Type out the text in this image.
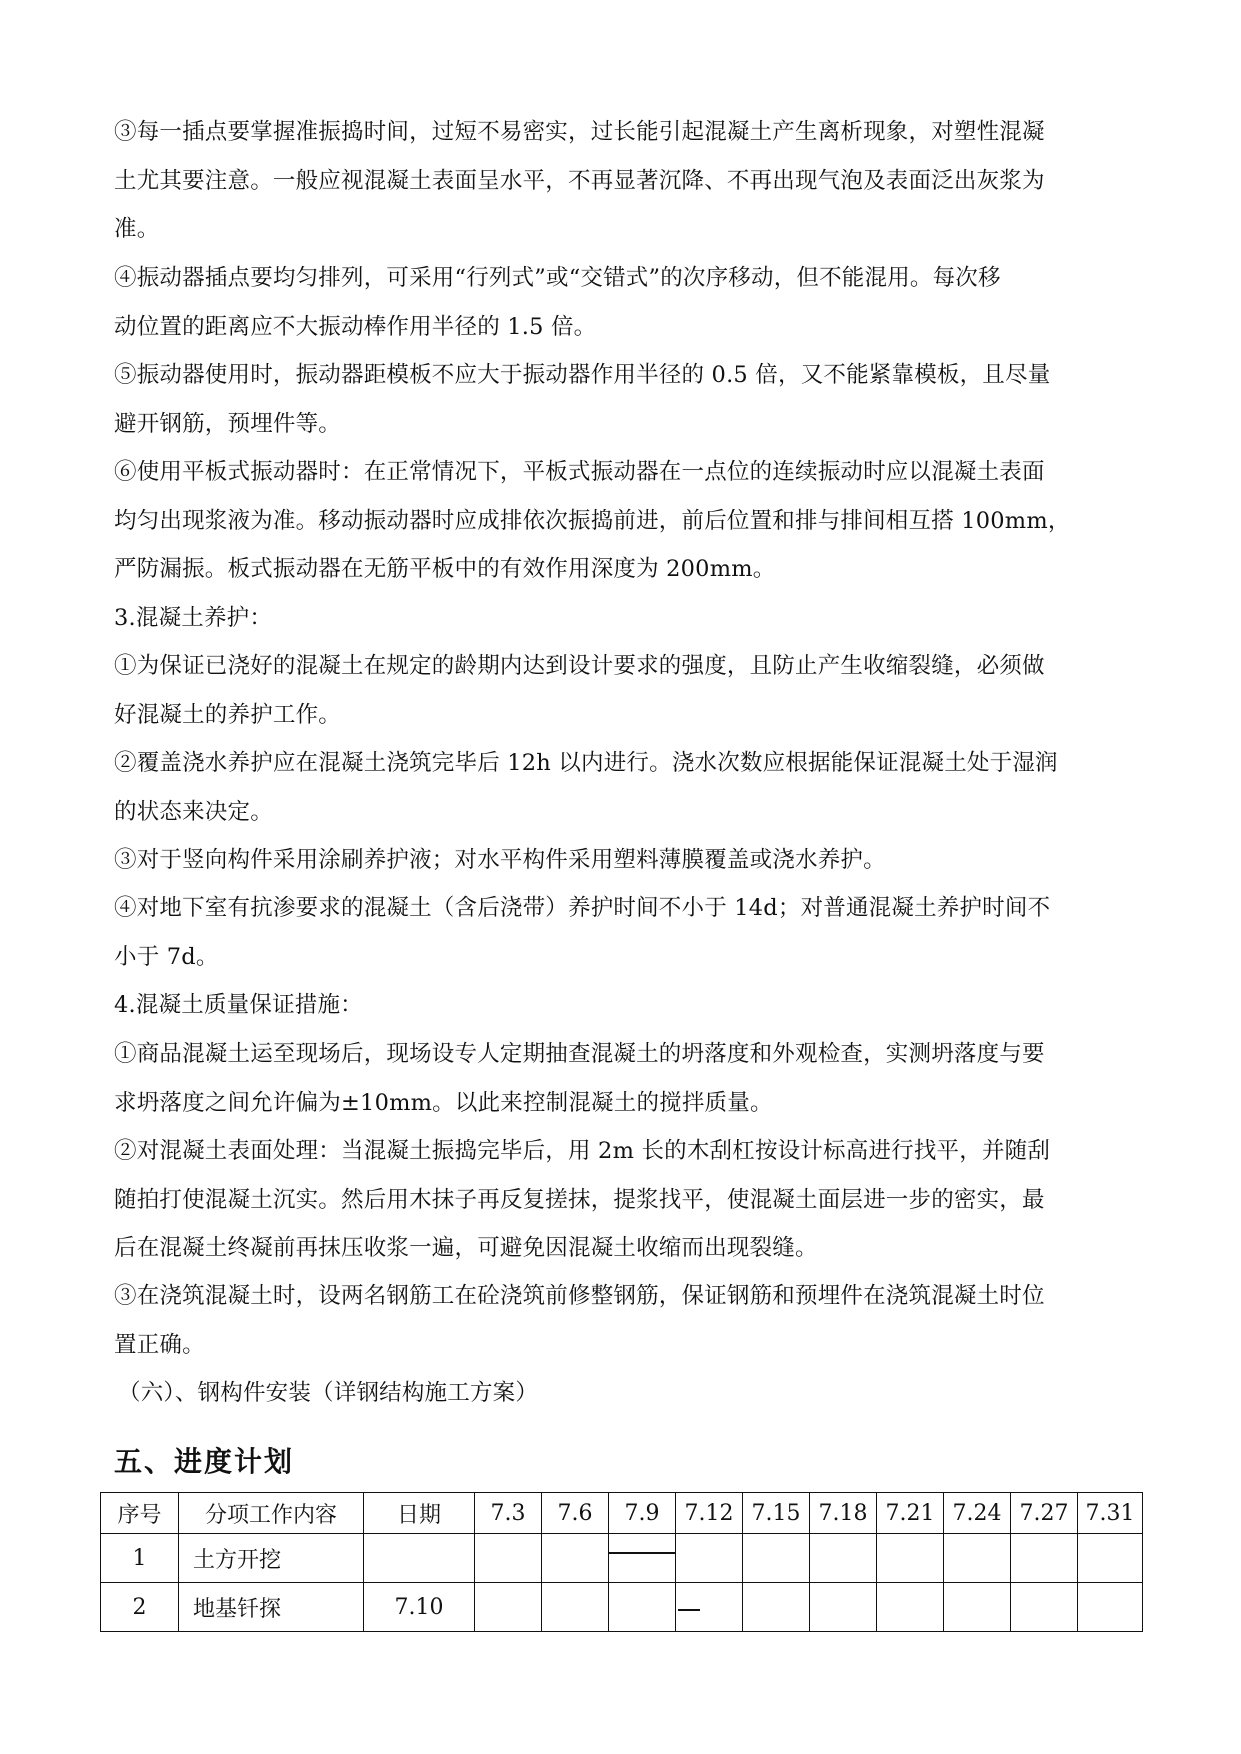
③每一插点要掌握准振捣时间，过短不易密实，过长能引起混凝土产生离析现象，对塑性混凝
土尤其要注意。一般应视混凝土表面呈水平，不再显著沉降、不再出现气泡及表面泛出灰浆为
准。
④振动器插点要均匀排列，可采用“行列式”或“交错式”的次序移动，但不能混用。每次移
动位置的距离应不大振动棒作用半径的 1.5 倍。
⑤振动器使用时，振动器距模板不应大于振动器作用半径的 0.5 倍，又不能紧靠模板，且尽量
避开钢筋，预埋件等。
⑥使用平板式振动器时：在正常情况下，平板式振动器在一点位的连续振动时应以混凝土表面
均匀出现浆液为准。移动振动器时应成排依次振捣前进，前后位置和排与排间相互搭 100mm，
严防漏振。板式振动器在无筋平板中的有效作用深度为 200mm。
3.混凝土养护：
①为保证已浇好的混凝土在规定的龄期内达到设计要求的强度，且防止产生收缩裂缝，必须做
好混凝土的养护工作。
②覆盖浇水养护应在混凝土浇筑完毕后 12h 以内进行。浇水次数应根据能保证混凝土处于湿润
的状态来决定。
③对于竖向构件采用涂刷养护液；对水平构件采用塑料薄膜覆盖或浇水养护。
④对地下室有抗渗要求的混凝土（含后浇带）养护时间不小于 14d；对普通混凝土养护时间不
小于 7d。
4.混凝土质量保证措施：
①商品混凝土运至现场后，现场设专人定期抽查混凝土的坍落度和外观检查，实测坍落度与要
求坍落度之间允许偏为±10mm。以此来控制混凝土的搅拌质量。
②对混凝土表面处理：当混凝土振捣完毕后，用 2m 长的木刮杠按设计标高进行找平，并随刮
随拍打使混凝土沉实。然后用木抹子再反复搓抹，提浆找平，使混凝土面层进一步的密实，最
后在混凝土终凝前再抹压收浆一遍，可避免因混凝土收缩而出现裂缝。
③在浇筑混凝土时，设两名钢筋工在砼浇筑前修整钢筋，保证钢筋和预埋件在浇筑混凝土时位
置正确。
（六）、钢构件安装（详钢结构施工方案）
五、进度计划
序号	分项工作内容	日期	7.3	7.6	7.9	7.12	7.15	7.18	7.21	7.24	7.27	7.31
1	土方开挖				

2	地基钎探	7.10				
